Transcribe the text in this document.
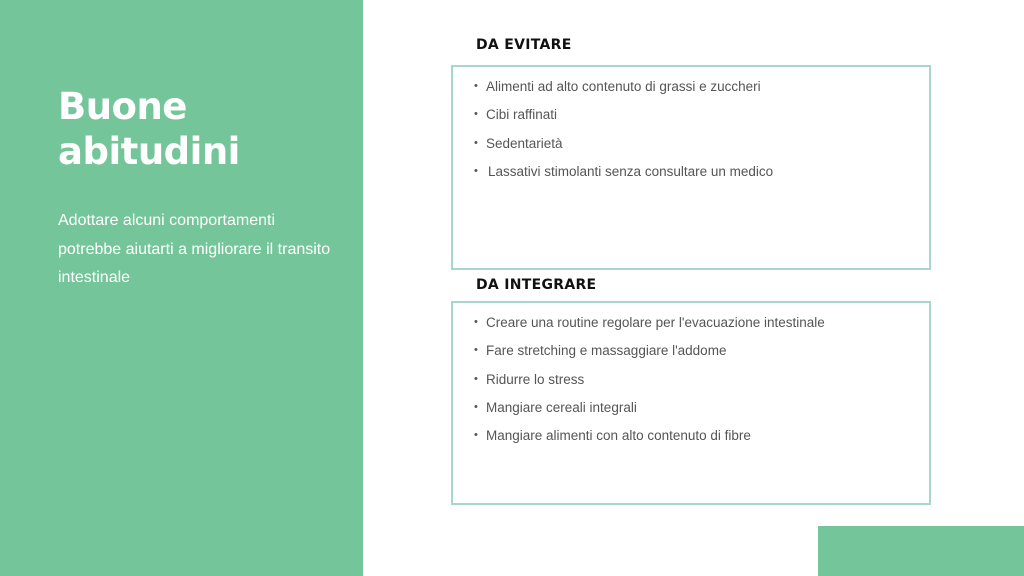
Buone abitudini

Adottare alcuni comportamenti potrebbe aiutarti a migliorare il transito intestinale

DA EVITARE
• Alimenti ad alto contenuto di grassi e zuccheri
• Cibi raffinati
• Sedentarietà
• Lassativi stimolanti senza consultare un medico
DA INTEGRARE
• Creare una routine regolare per l'evacuazione intestinale
• Fare stretching e massaggiare l'addome
• Ridurre lo stress
• Mangiare cereali integrali
• Mangiare alimenti con alto contenuto di fibre
